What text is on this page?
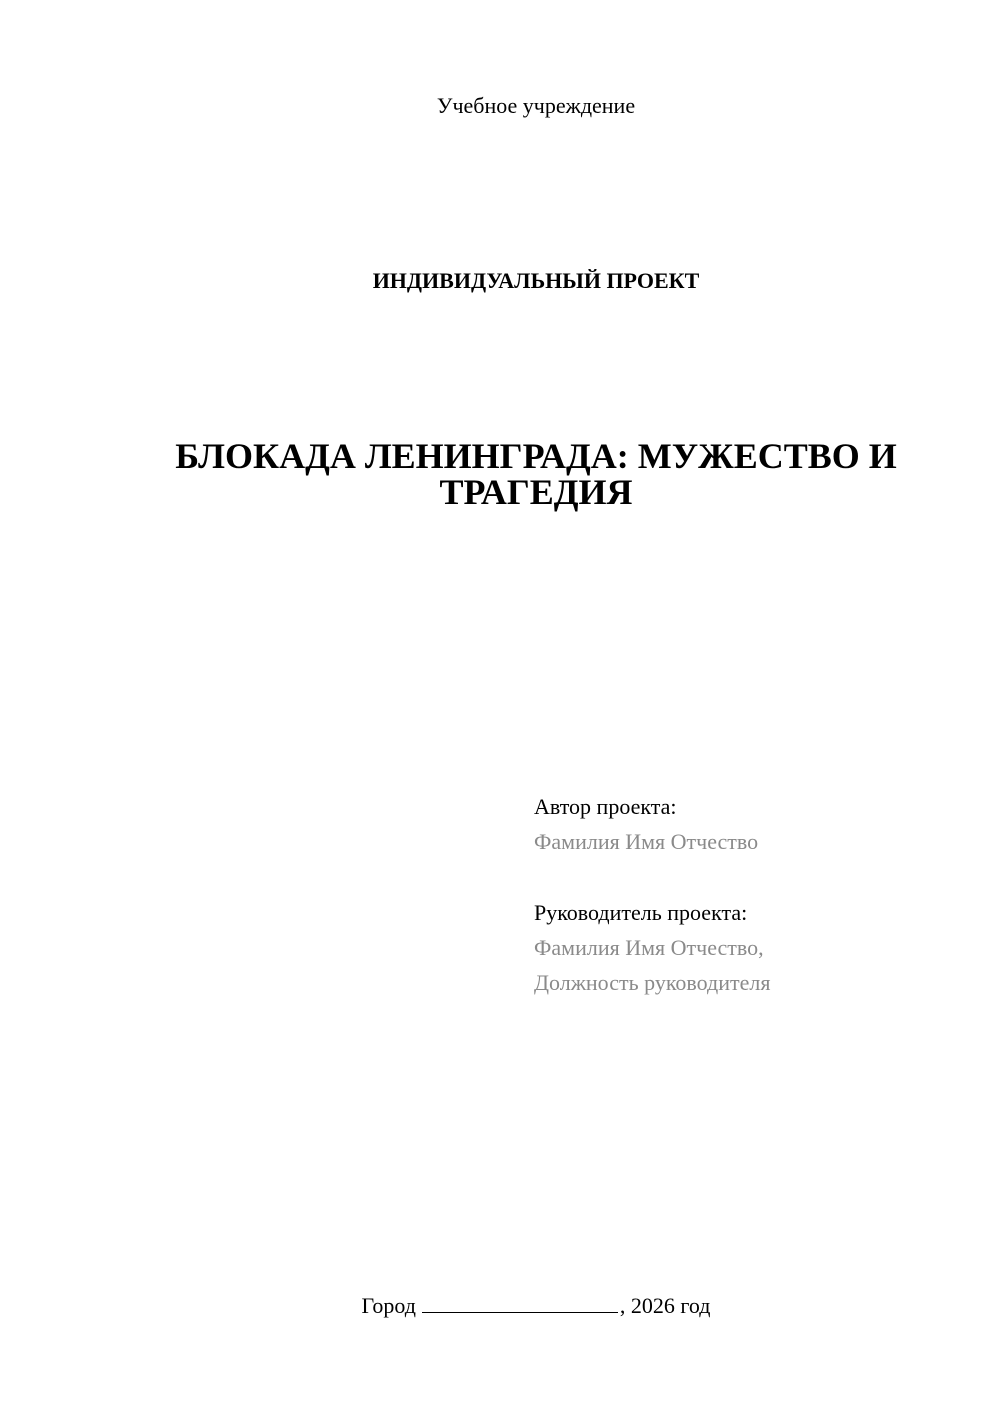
Учебное учреждение
ИНДИВИДУАЛЬНЫЙ ПРОЕКТ
БЛОКАДА ЛЕНИНГРАДА: МУЖЕСТВО И
ТРАГЕДИЯ
Автор проекта:
Фамилия Имя Отчество
Руководитель проекта:
Фамилия Имя Отчество,
Должность руководителя
Город	, 2026 год
